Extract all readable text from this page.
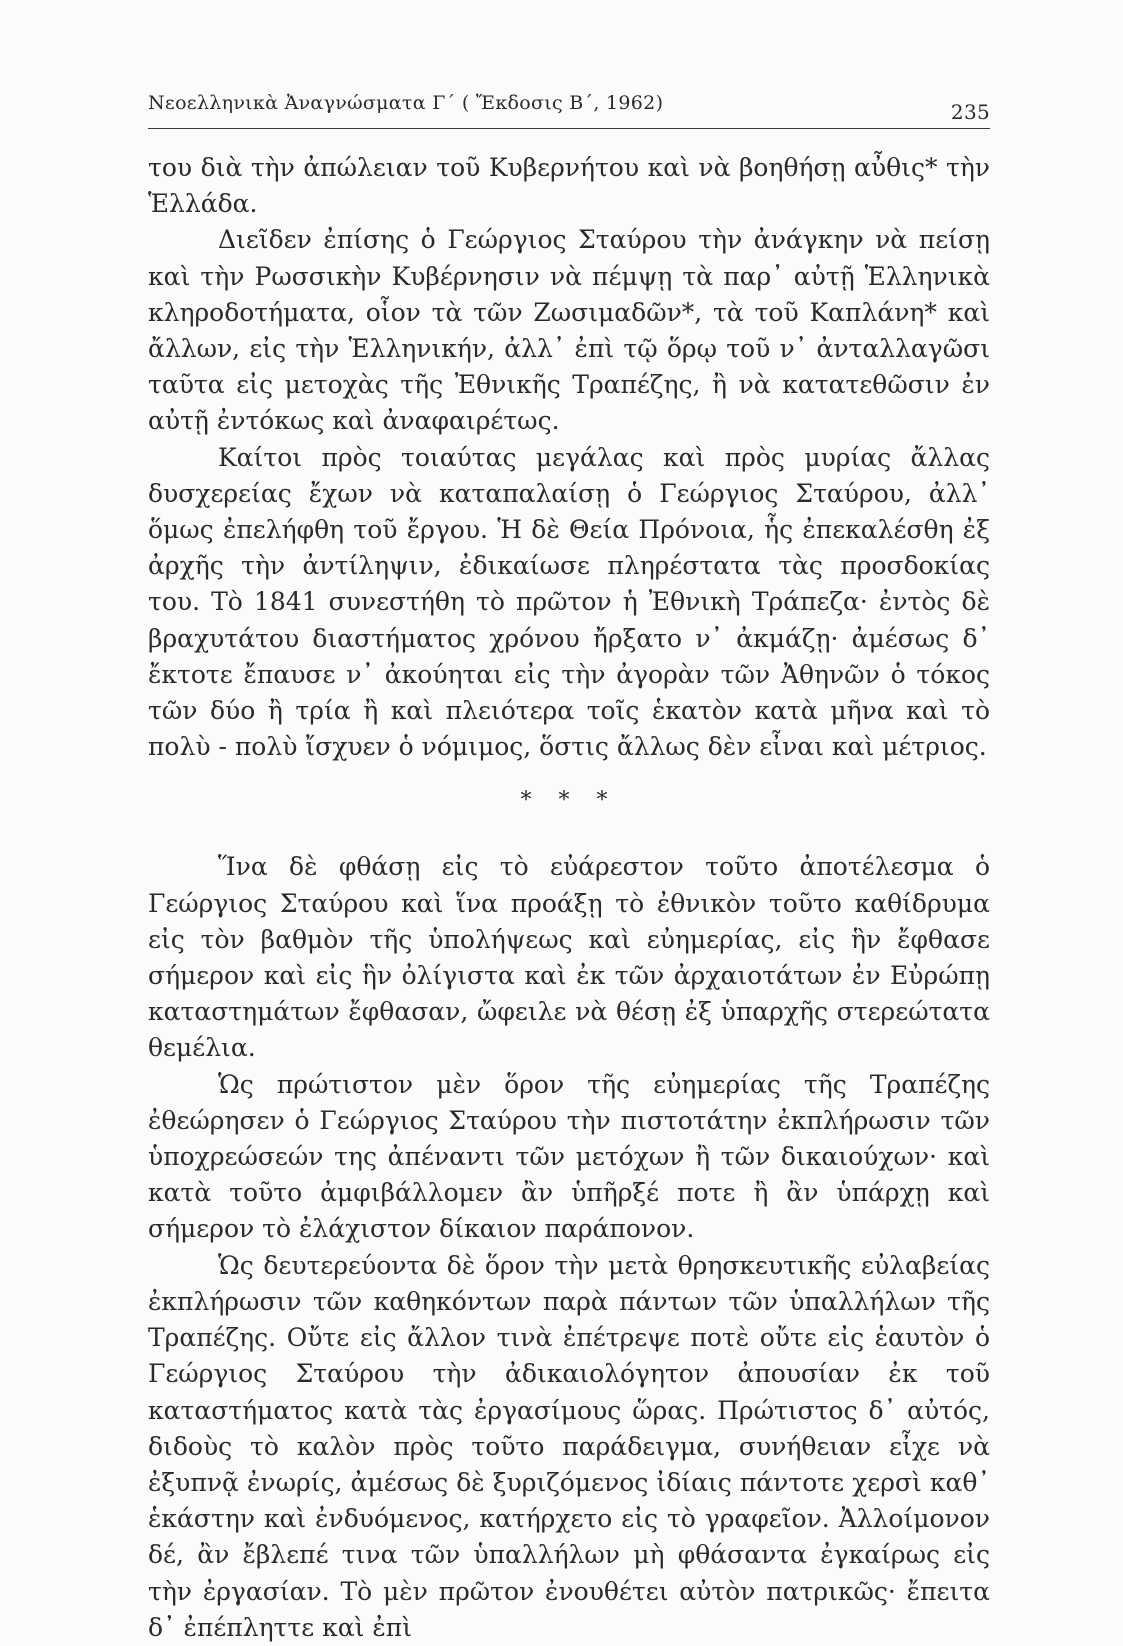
Νεοελληνικὰ Ἀναγνώσματα Γ΄ ( Ἔκδοσις Β΄, 1962)	235

του διὰ τὴν ἀπώλειαν τοῦ Κυβερνήτου καὶ νὰ βοηθήσῃ αὖθις* τὴν Ἑλλάδα.

Διεῖδεν ἐπίσης ὁ Γεώργιος Σταύρου τὴν ἀνάγκην νὰ πείσῃ καὶ τὴν Ρωσσικὴν Κυβέρνησιν νὰ πέμψῃ τὰ παρ᾽ αὐτῇ Ἑλληνικὰ κληροδοτήματα, οἷον τὰ τῶν Ζωσιμαδῶν*, τὰ τοῦ Καπλάνη* καὶ ἄλλων, εἰς τὴν Ἑλληνικήν, ἀλλ᾽ ἐπὶ τῷ ὅρῳ τοῦ ν᾽ ἀνταλλαγῶσι ταῦτα εἰς μετοχὰς τῆς Ἐθνικῆς Τραπέζης, ἢ νὰ κατατεθῶσιν ἐν αὐτῇ ἐντόκως καὶ ἀναφαιρέτως.

Καίτοι πρὸς τοιαύτας μεγάλας καὶ πρὸς μυρίας ἄλλας δυσχερείας ἔχων νὰ καταπαλαίσῃ ὁ Γεώργιος Σταύρου, ἀλλ᾽ ὅμως ἐπελήφθη τοῦ ἔργου. Ἡ δὲ Θεία Πρόνοια, ἧς ἐπεκαλέσθη ἐξ ἀρχῆς τὴν ἀντίληψιν, ἐδικαίωσε πληρέστατα τὰς προσδοκίας του. Τὸ 1841 συνεστήθη τὸ πρῶτον ἡ Ἐθνικὴ Τράπεζα· ἐντὸς δὲ βραχυτάτου διαστήματος χρόνου ἤρξατο ν᾽ ἀκμάζῃ· ἀμέσως δ᾽ ἔκτοτε ἔπαυσε ν᾽ ἀκούηται εἰς τὴν ἀγορὰν τῶν Ἀθηνῶν ὁ τόκος τῶν δύο ἢ τρία ἢ καὶ πλειότερα τοῖς ἑκατὸν κατὰ μῆνα καὶ τὸ πολὺ - πολὺ ἴσχυεν ὁ νόμιμος, ὅστις ἄλλως δὲν εἶναι καὶ μέτριος.

* * *

Ἵνα δὲ φθάσῃ εἰς τὸ εὐάρεστον τοῦτο ἀποτέλεσμα ὁ Γεώργιος Σταύρου καὶ ἵνα προάξῃ τὸ ἐθνικὸν τοῦτο καθίδρυμα εἰς τὸν βαθμὸν τῆς ὑπολήψεως καὶ εὐημερίας, εἰς ἣν ἔφθασε σήμερον καὶ εἰς ἣν ὀλίγιστα καὶ ἐκ τῶν ἀρχαιοτάτων ἐν Εὐρώπῃ καταστημάτων ἔφθασαν, ὤφειλε νὰ θέσῃ ἐξ ὑπαρχῆς στερεώτατα θεμέλια.

Ὡς πρώτιστον μὲν ὅρον τῆς εὐημερίας τῆς Τραπέζης ἐθεώρησεν ὁ Γεώργιος Σταύρου τὴν πιστοτάτην ἐκπλήρωσιν τῶν ὑποχρεώσεών της ἀπέναντι τῶν μετόχων ἢ τῶν δικαιούχων· καὶ κατὰ τοῦτο ἀμφιβάλλομεν ἂν ὑπῆρξέ ποτε ἢ ἂν ὑπάρχῃ καὶ σήμερον τὸ ἐλάχιστον δίκαιον παράπονον.

Ὡς δευτερεύοντα δὲ ὅρον τὴν μετὰ θρησκευτικῆς εὐλαβείας ἐκπλήρωσιν τῶν καθηκόντων παρὰ πάντων τῶν ὑπαλλήλων τῆς Τραπέζης. Οὔτε εἰς ἄλλον τινὰ ἐπέτρεψε ποτὲ οὔτε εἰς ἑαυτὸν ὁ Γεώργιος Σταύρου τὴν ἀδικαιολόγητον ἀπουσίαν ἐκ τοῦ καταστήματος κατὰ τὰς ἐργασίμους ὥρας. Πρώτιστος δ᾽ αὐτός, διδοὺς τὸ καλὸν πρὸς τοῦτο παράδειγμα, συνήθειαν εἶχε νὰ ἐξυπνᾷ ἐνωρίς, ἀμέσως δὲ ξυριζόμενος ἰδίαις πάντοτε χερσὶ καθ᾽ ἑκάστην καὶ ἐνδυόμενος, κατήρχετο εἰς τὸ γραφεῖον. Ἀλλοίμονον δέ, ἂν ἔβλεπέ τινα τῶν ὑπαλλήλων μὴ φθάσαντα ἐγκαίρως εἰς τὴν ἐργασίαν. Τὸ μὲν πρῶτον ἐνουθέτει αὐτὸν πατρικῶς· ἔπειτα δ᾽ ἐπέπληττε καὶ ἐπὶ
